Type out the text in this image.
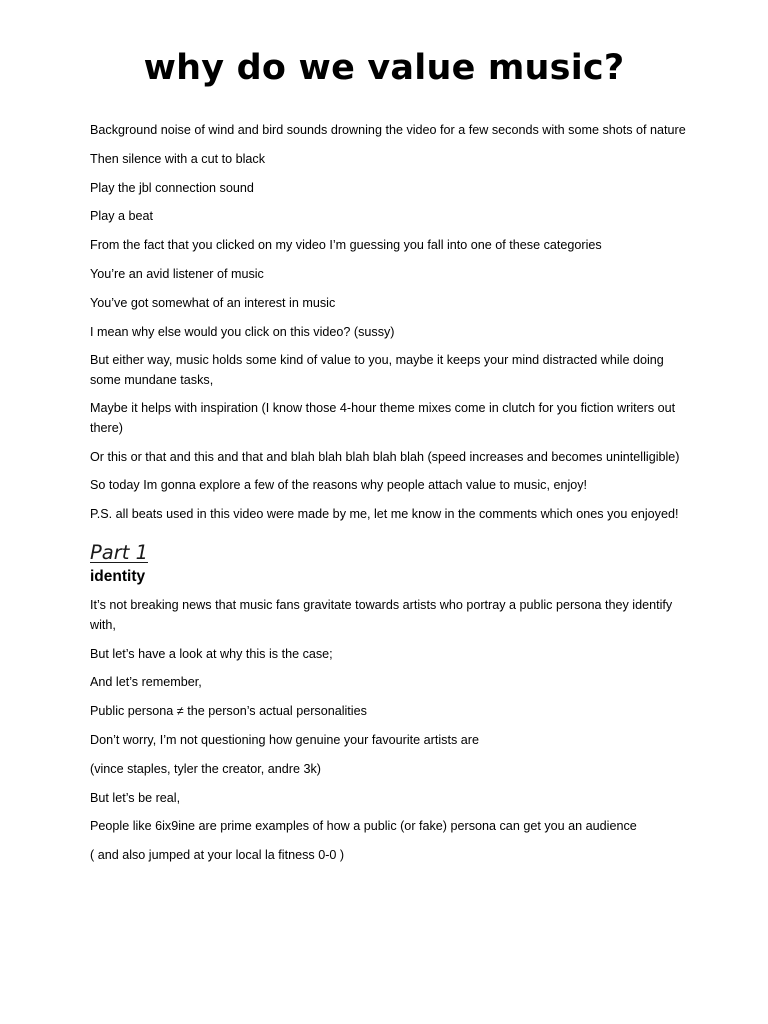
why do we value music?

Background noise of wind and bird sounds drowning the video for a few seconds with some shots of nature

Then silence with a cut to black

Play the jbl connection sound

Play a beat

From the fact that you clicked on my video I’m guessing you fall into one of these categories

You’re an avid listener of music

You’ve got somewhat of an interest in music

I mean why else would you click on this video? (sussy)

But either way, music holds some kind of value to you, maybe it keeps your mind distracted while doing some mundane tasks,

Maybe it helps with inspiration (I know those 4-hour theme mixes come in clutch for you fiction writers out there)

Or this or that and this and that and blah blah blah blah blah (speed increases and becomes unintelligible)

So today Im gonna explore a few of the reasons why people attach value to music, enjoy!

P.S. all beats used in this video were made by me, let me know in the comments which ones you enjoyed!

Part 1
identity

It’s not breaking news that music fans gravitate towards artists who portray a public persona they identify with,

But let’s have a look at why this is the case;

And let’s remember,

Public persona ≠ the person’s actual personalities

Don’t worry, I’m not questioning how genuine your favourite artists are

(vince staples, tyler the creator, andre 3k)

But let’s be real,

People like 6ix9ine are prime examples of how a public (or fake) persona can get you an audience

( and also jumped at your local la fitness 0-0 )
